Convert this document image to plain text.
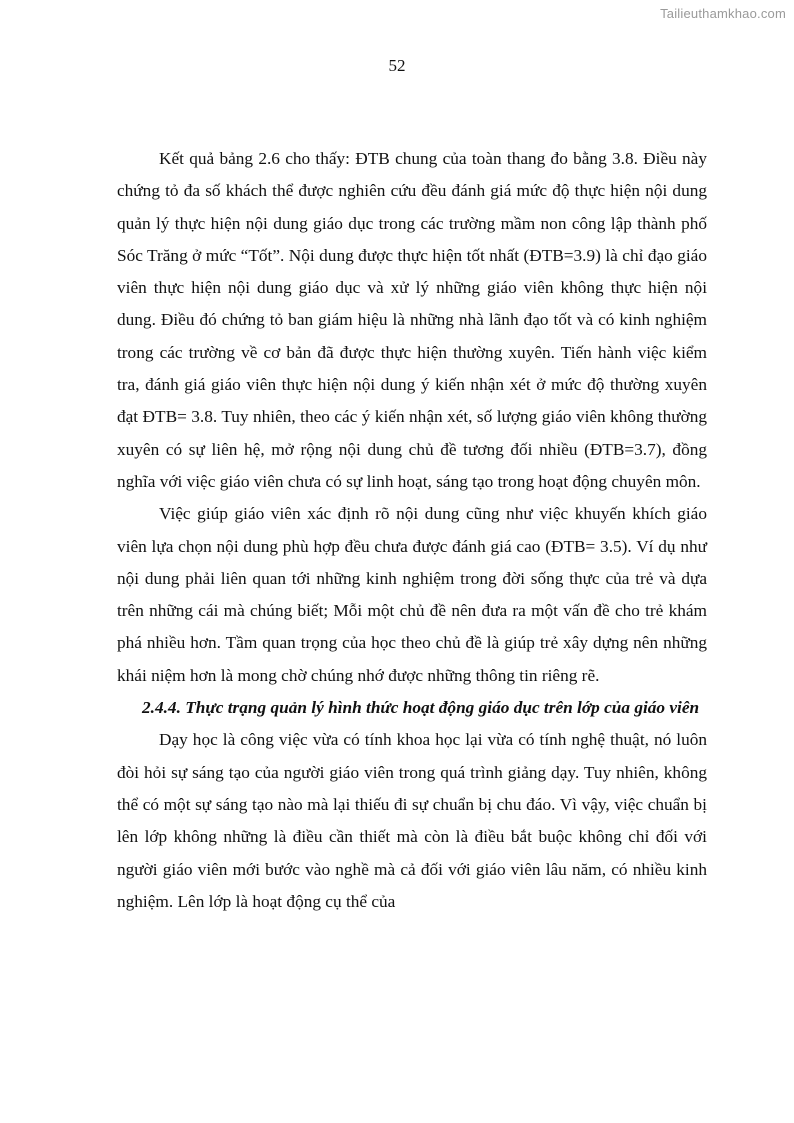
Tailieuthamkhao.com
52

Kết quả bảng 2.6 cho thấy: ĐTB chung của toàn thang đo bằng 3.8. Điều này chứng tỏ đa số khách thể được nghiên cứu đều đánh giá mức độ thực hiện nội dung quản lý thực hiện nội dung giáo dục trong các trường mầm non công lập thành phố Sóc Trăng ở mức “Tốt”. Nội dung được thực hiện tốt nhất (ĐTB=3.9) là chỉ đạo giáo viên thực hiện nội dung giáo dục và xử lý những giáo viên không thực hiện nội dung. Điều đó chứng tỏ ban giám hiệu là những nhà lãnh đạo tốt và có kinh nghiệm trong các trường về cơ bản đã được thực hiện thường xuyên. Tiến hành việc kiểm tra, đánh giá giáo viên thực hiện nội dung ý kiến nhận xét ở mức độ thường xuyên đạt ĐTB= 3.8. Tuy nhiên, theo các ý kiến nhận xét, số lượng giáo viên không thường xuyên có sự liên hệ, mở rộng nội dung chủ đề tương đối nhiều (ĐTB=3.7), đồng nghĩa với việc giáo viên chưa có sự linh hoạt, sáng tạo trong hoạt động chuyên môn.

Việc giúp giáo viên xác định rõ nội dung cũng như việc khuyến khích giáo viên lựa chọn nội dung phù hợp đều chưa được đánh giá cao (ĐTB= 3.5). Ví dụ như nội dung phải liên quan tới những kinh nghiệm trong đời sống thực của trẻ và dựa trên những cái mà chúng biết; Mỗi một chủ đề nên đưa ra một vấn đề cho trẻ khám phá nhiều hơn. Tầm quan trọng của học theo chủ đề là giúp trẻ xây dựng nên những khái niệm hơn là mong chờ chúng nhớ được những thông tin riêng rẽ.

2.4.4. Thực trạng quản lý hình thức hoạt động giáo dục trên lớp của giáo viên

Dạy học là công việc vừa có tính khoa học lại vừa có tính nghệ thuật, nó luôn đòi hỏi sự sáng tạo của người giáo viên trong quá trình giảng dạy. Tuy nhiên, không thể có một sự sáng tạo nào mà lại thiếu đi sự chuẩn bị chu đáo. Vì vậy, việc chuẩn bị lên lớp không những là điều cần thiết mà còn là điều bắt buộc không chỉ đối với người giáo viên mới bước vào nghề mà cả đối với giáo viên lâu năm, có nhiều kinh nghiệm. Lên lớp là hoạt động cụ thể của
